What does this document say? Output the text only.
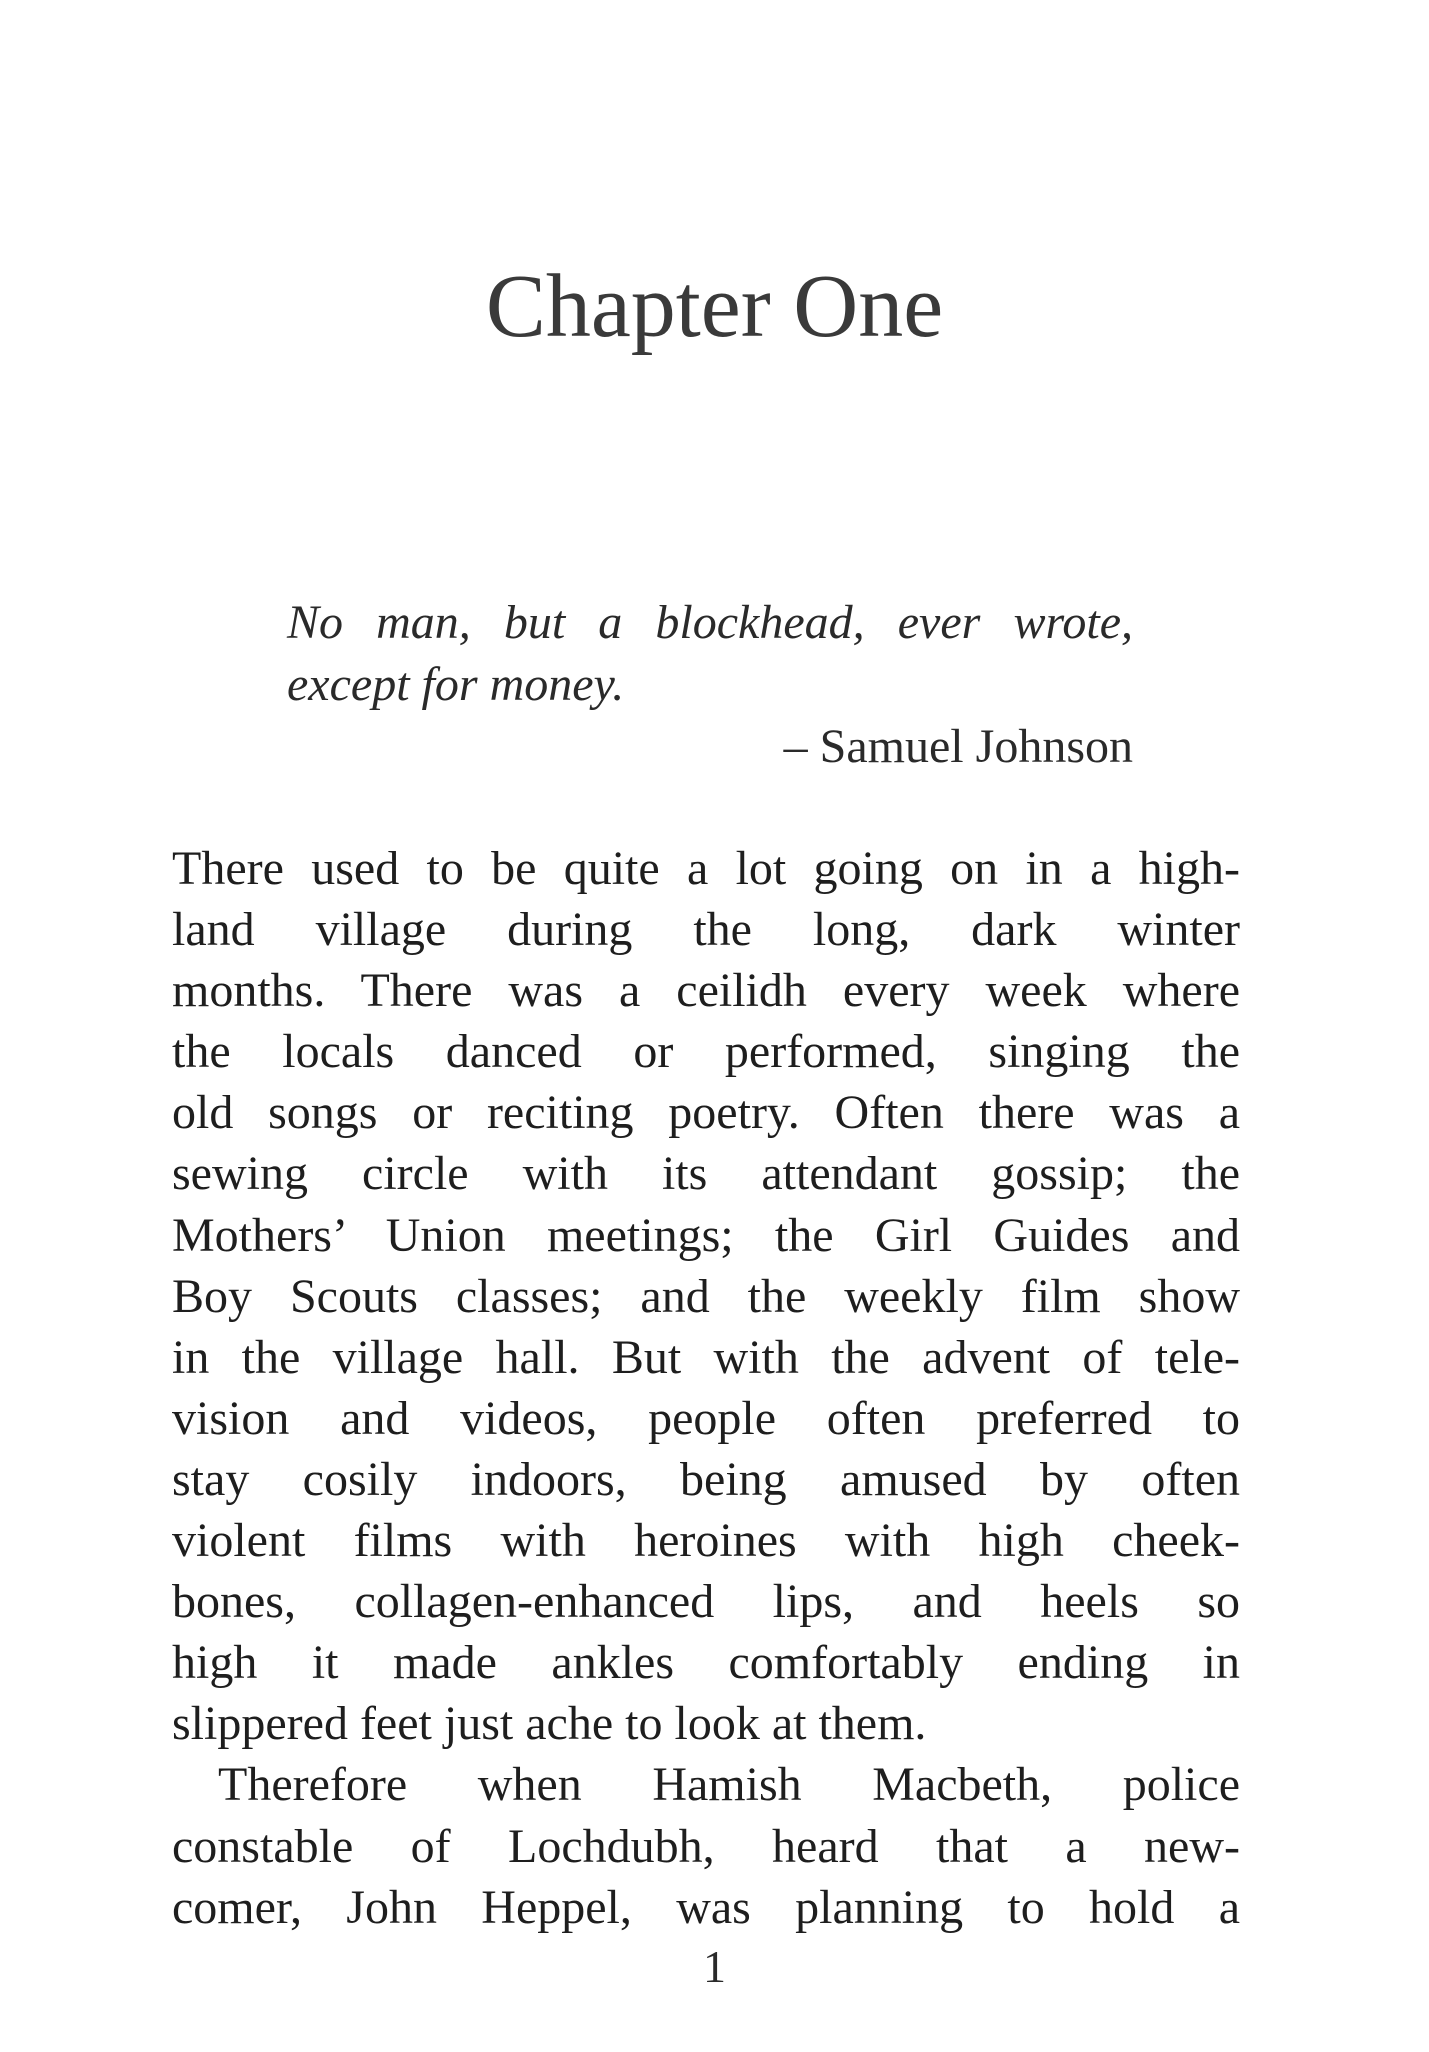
Chapter One
No man, but a blockhead, ever wrote,
except for money.
– Samuel Johnson
There used to be quite a lot going on in a high-
land village during the long, dark winter
months. There was a ceilidh every week where
the locals danced or performed, singing the
old songs or reciting poetry. Often there was a
sewing circle with its attendant gossip; the
Mothers’ Union meetings; the Girl Guides and
Boy Scouts classes; and the weekly film show
in the village hall. But with the advent of tele-
vision and videos, people often preferred to
stay cosily indoors, being amused by often
violent films with heroines with high cheek-
bones, collagen-enhanced lips, and heels so
high it made ankles comfortably ending in
slippered feet just ache to look at them.
Therefore when Hamish Macbeth, police
constable of Lochdubh, heard that a new-
comer, John Heppel, was planning to hold a
1
